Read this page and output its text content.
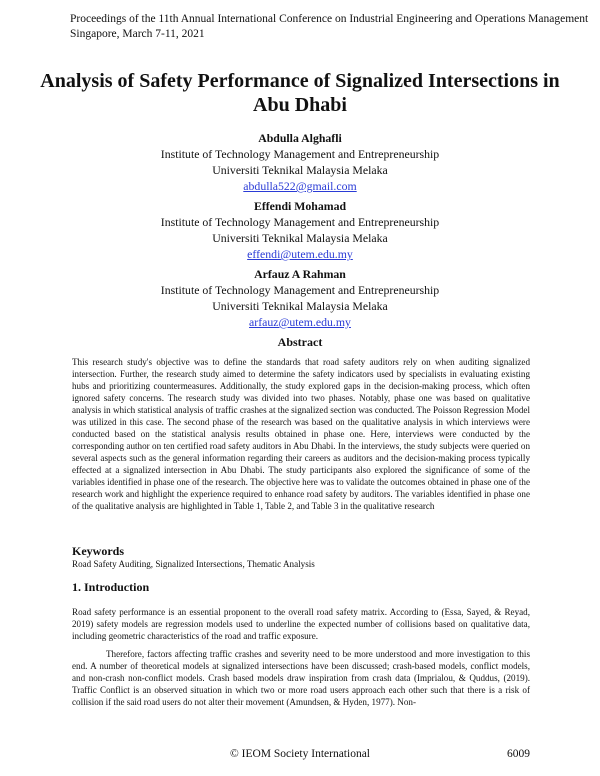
Proceedings of the 11th Annual International Conference on Industrial Engineering and Operations Management
Singapore, March 7-11, 2021
Analysis of Safety Performance of Signalized Intersections in
Abu Dhabi
Abdulla Alghafli
Institute of Technology Management and Entrepreneurship
Universiti Teknikal Malaysia Melaka
abdulla522@gmail.com
Effendi Mohamad
Institute of Technology Management and Entrepreneurship
Universiti Teknikal Malaysia Melaka
effendi@utem.edu.my
Arfauz A Rahman
Institute of Technology Management and Entrepreneurship
Universiti Teknikal Malaysia Melaka
arfauz@utem.edu.my
Abstract
This research study's objective was to define the standards that road safety auditors rely on when auditing signalized intersection. Further, the research study aimed to determine the safety indicators used by specialists in evaluating existing hubs and prioritizing countermeasures. Additionally, the study explored gaps in the decision-making process, which often ignored safety concerns. The research study was divided into two phases. Notably, phase one was based on qualitative analysis in which statistical analysis of traffic crashes at the signalized section was conducted. The Poisson Regression Model was utilized in this case. The second phase of the research was based on the qualitative analysis in which interviews were conducted based on the statistical analysis results obtained in phase one. Here, interviews were conducted by the corresponding author on ten certified road safety auditors in Abu Dhabi. In the interviews, the study subjects were queried on several aspects such as the general information regarding their careers as auditors and the decision-making process typically effected at a signalized intersection in Abu Dhabi. The study participants also explored the significance of some of the variables identified in phase one of the research. The objective here was to validate the outcomes obtained in phase one of the research work and highlight the experience required to enhance road safety by auditors. The variables identified in phase one of the qualitative analysis are highlighted in Table 1, Table 2, and Table 3 in the qualitative research
Keywords
Road Safety Auditing, Signalized Intersections, Thematic Analysis
1. Introduction

Road safety performance is an essential proponent to the overall road safety matrix. According to (Essa, Sayed, & Reyad, 2019) safety models are regression models used to underline the expected number of collisions based on qualitative data, including geometric characteristics of the road and traffic exposure.

Therefore, factors affecting traffic crashes and severity need to be more understood and more investigation to this end. A number of theoretical models at signalized intersections have been discussed; crash-based models, conflict models, and non-crash non-conflict models. Crash based models draw inspiration from crash data (Imprialou, & Quddus, (2019). Traffic Conflict is an observed situation in which two or more road users approach each other such that there is a risk of collision if the said road users do not alter their movement (Amundsen, & Hyden, 1977). Non-

© IEOM Society International	6009
